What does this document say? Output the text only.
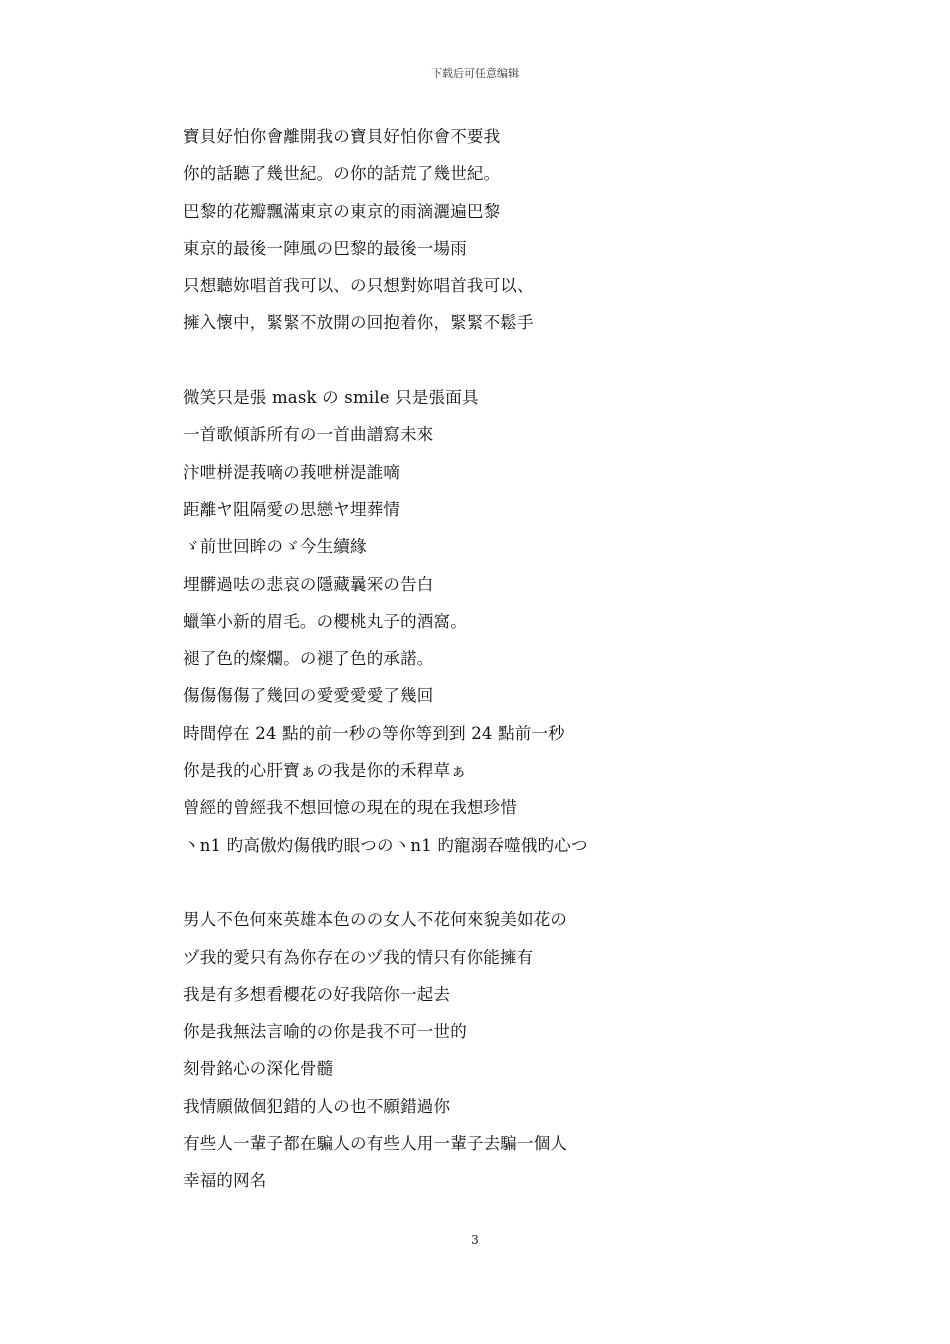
下载后可任意编辑
寶貝好怕你會離開我の寶貝好怕你會不要我
你的話聽了幾世紀。の你的話荒了幾世紀。
巴黎的花瓣飄滿東京の東京的雨滴灑遍巴黎
東京的最後一陣風の巴黎的最後一場雨
只想聽妳唱首我可以、の只想對妳唱首我可以、
擁入懷中，緊緊不放開の回抱着你，緊緊不鬆手
微笑只是張 mask の smile 只是張面具
一首歌傾訴所有の一首曲譜寫未來
汴呭栟湜莪嘀の莪呭栟湜誰嘀
距離ヤ阻隔愛の思戀ヤ埋葬情
ゞ前世回眸のゞ今生續緣
埋髒過呿の悲哀の隱藏曩冞の告白
蠟筆小新的眉毛。の櫻桃丸子的酒窩。
褪了色的燦爛。の褪了色的承諾。
傷傷傷傷了幾回の愛愛愛愛了幾回
時間停在 24 點的前一秒の等你等到到 24 點前一秒
你是我的心肝寶ぁの我是你的禾稈草ぁ
曾經的曾經我不想回憶の現在的現在我想珍惜
丶n1 旳高傲灼傷俄旳眼つの丶n1 旳寵溺吞噬俄旳心つ
男人不色何來英雄本色のの女人不花何來貌美如花の
ヅ我的愛只有為你存在のヅ我的情只有你能擁有
我是有多想看櫻花の好我陪你一起去
你是我無法言喻的の你是我不可一世的
刻骨銘心の深化骨髓
我情願做個犯錯的人の也不願錯過你
有些人一輩子都在騙人の有些人用一輩子去騙一個人
幸福的网名
3
